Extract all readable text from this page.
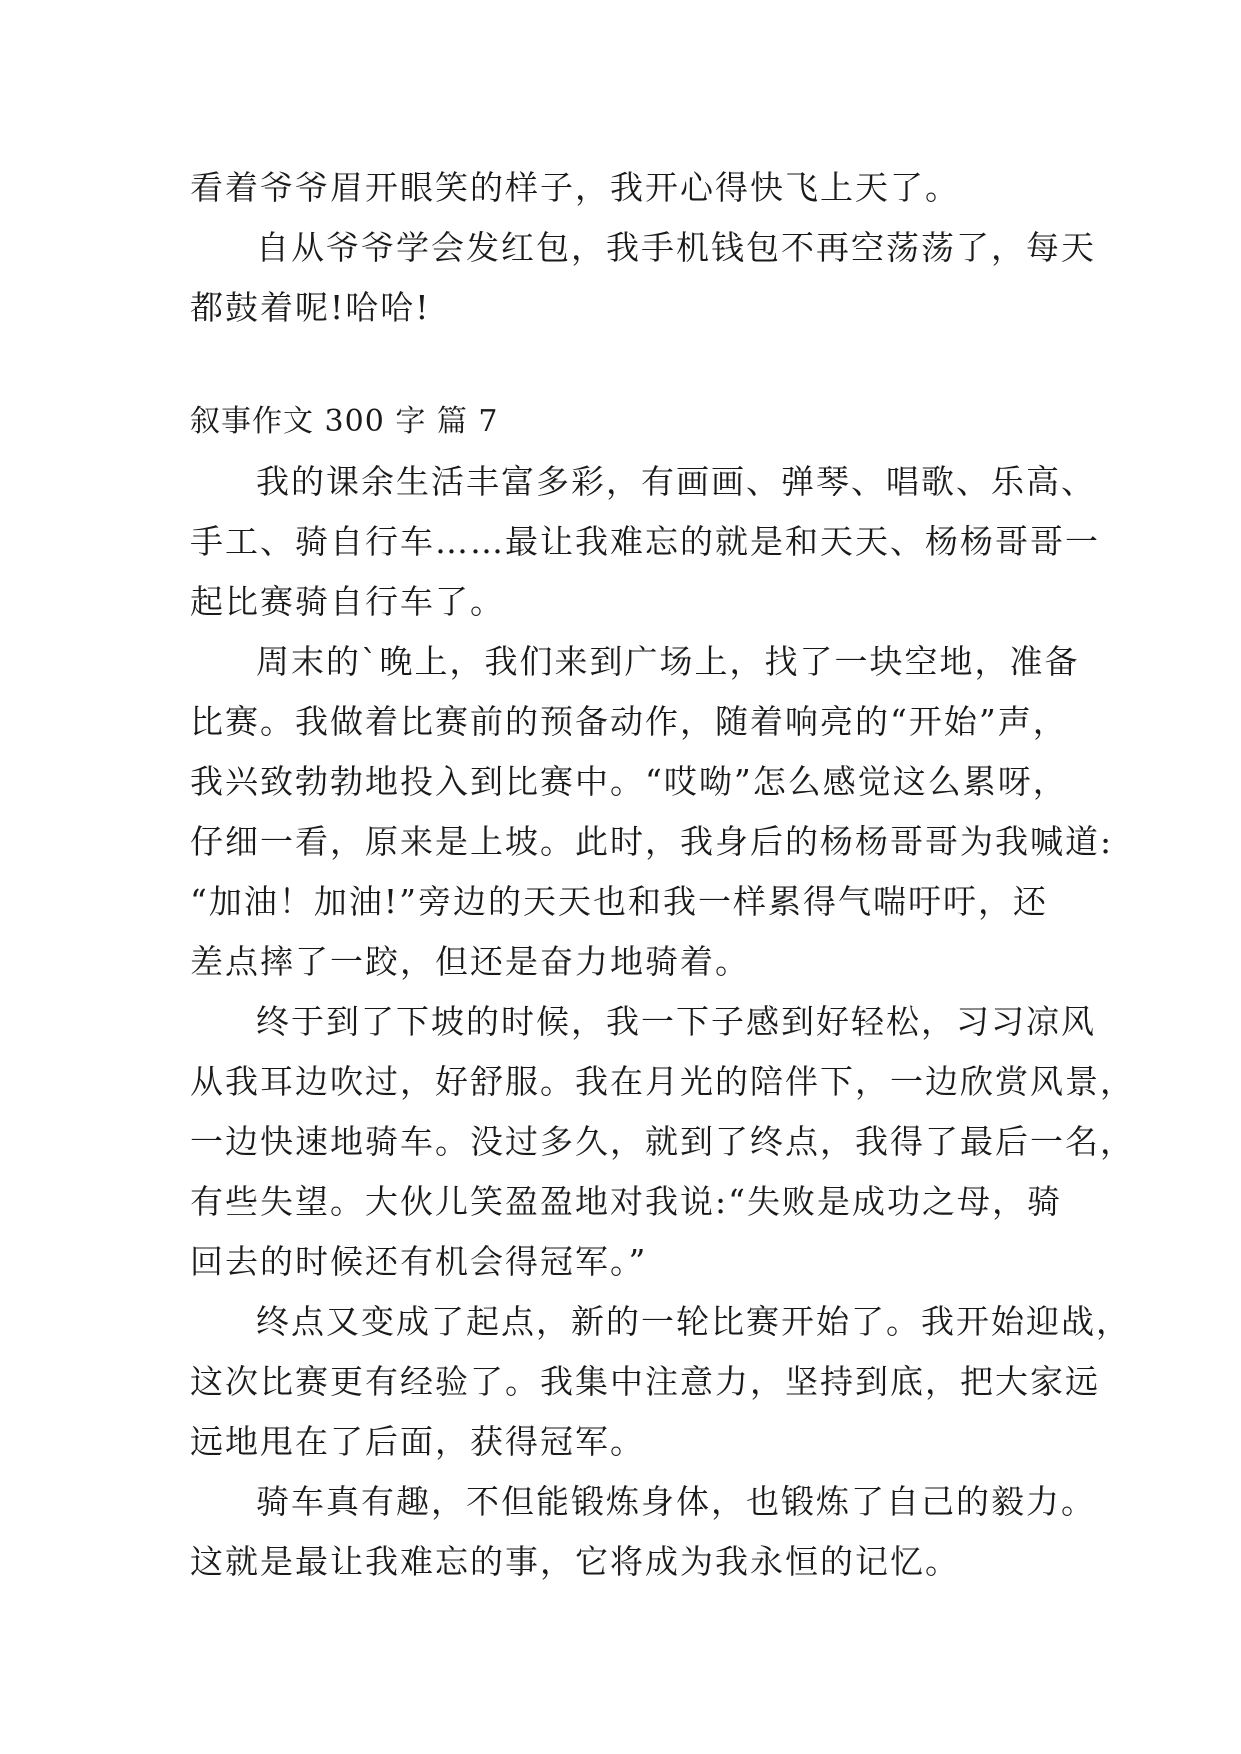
看着爷爷眉开眼笑的样子，我开心得快飞上天了。
自从爷爷学会发红包，我手机钱包不再空荡荡了，每天
都鼓着呢!哈哈!
叙事作文 300 字 篇 7
我的课余生活丰富多彩，有画画、弹琴、唱歌、乐高、
手工、骑自行车……最让我难忘的就是和天天、杨杨哥哥一
起比赛骑自行车了。
周末的`晚上，我们来到广场上，找了一块空地，准备
比赛。我做着比赛前的预备动作，随着响亮的“开始”声，
我兴致勃勃地投入到比赛中。“哎呦”怎么感觉这么累呀，
仔细一看，原来是上坡。此时，我身后的杨杨哥哥为我喊道:
“加油！加油!”旁边的天天也和我一样累得气喘吁吁，还
差点摔了一跤，但还是奋力地骑着。
终于到了下坡的时候，我一下子感到好轻松，习习凉风
从我耳边吹过，好舒服。我在月光的陪伴下，一边欣赏风景，
一边快速地骑车。没过多久，就到了终点，我得了最后一名，
有些失望。大伙儿笑盈盈地对我说:“失败是成功之母，骑
回去的时候还有机会得冠军。”
终点又变成了起点，新的一轮比赛开始了。我开始迎战，
这次比赛更有经验了。我集中注意力，坚持到底，把大家远
远地甩在了后面，获得冠军。
骑车真有趣，不但能锻炼身体，也锻炼了自己的毅力。
这就是最让我难忘的事，它将成为我永恒的记忆。
